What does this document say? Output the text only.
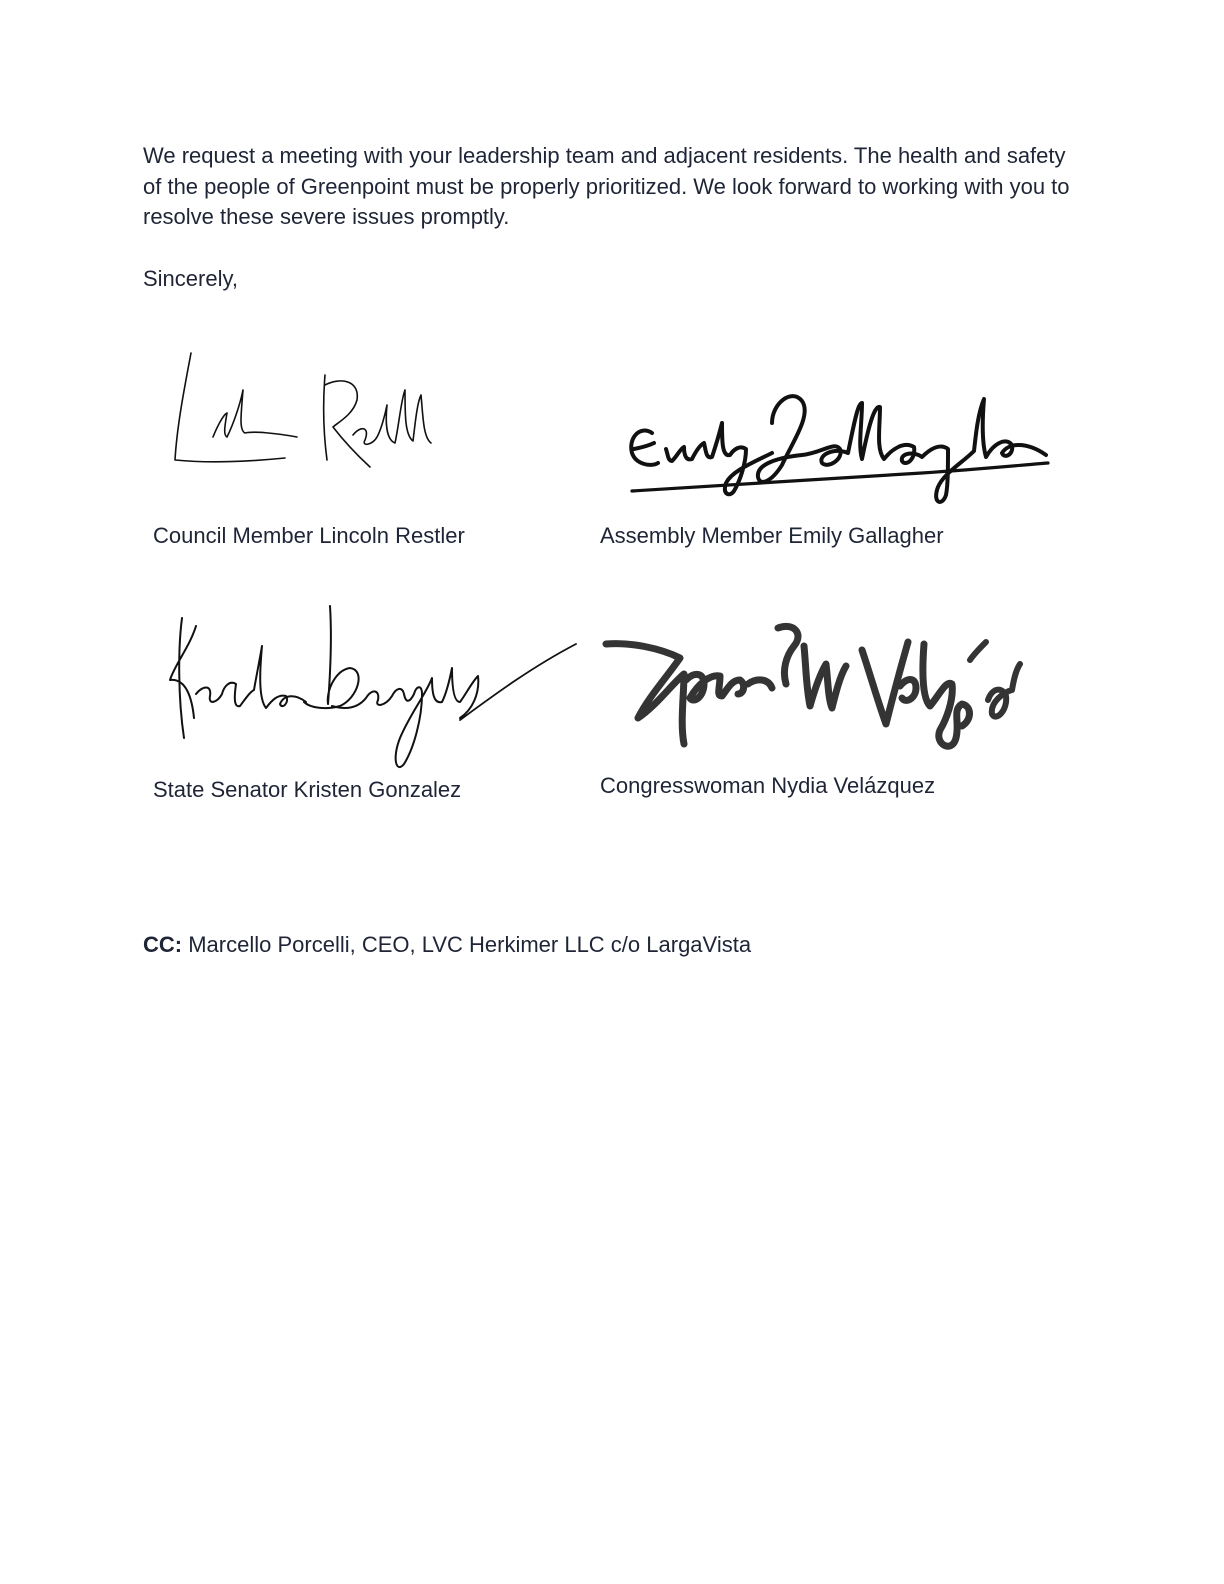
We request a meeting with your leadership team and adjacent residents. The health and safety of the people of Greenpoint must be properly prioritized. We look forward to working with you to resolve these severe issues promptly.

Sincerely,

Council Member Lincoln Restler	Assembly Member Emily Gallagher
State Senator Kristen Gonzalez	Congresswoman Nydia Velázquez
CC: Marcello Porcelli, CEO, LVC Herkimer LLC c/o LargaVista
